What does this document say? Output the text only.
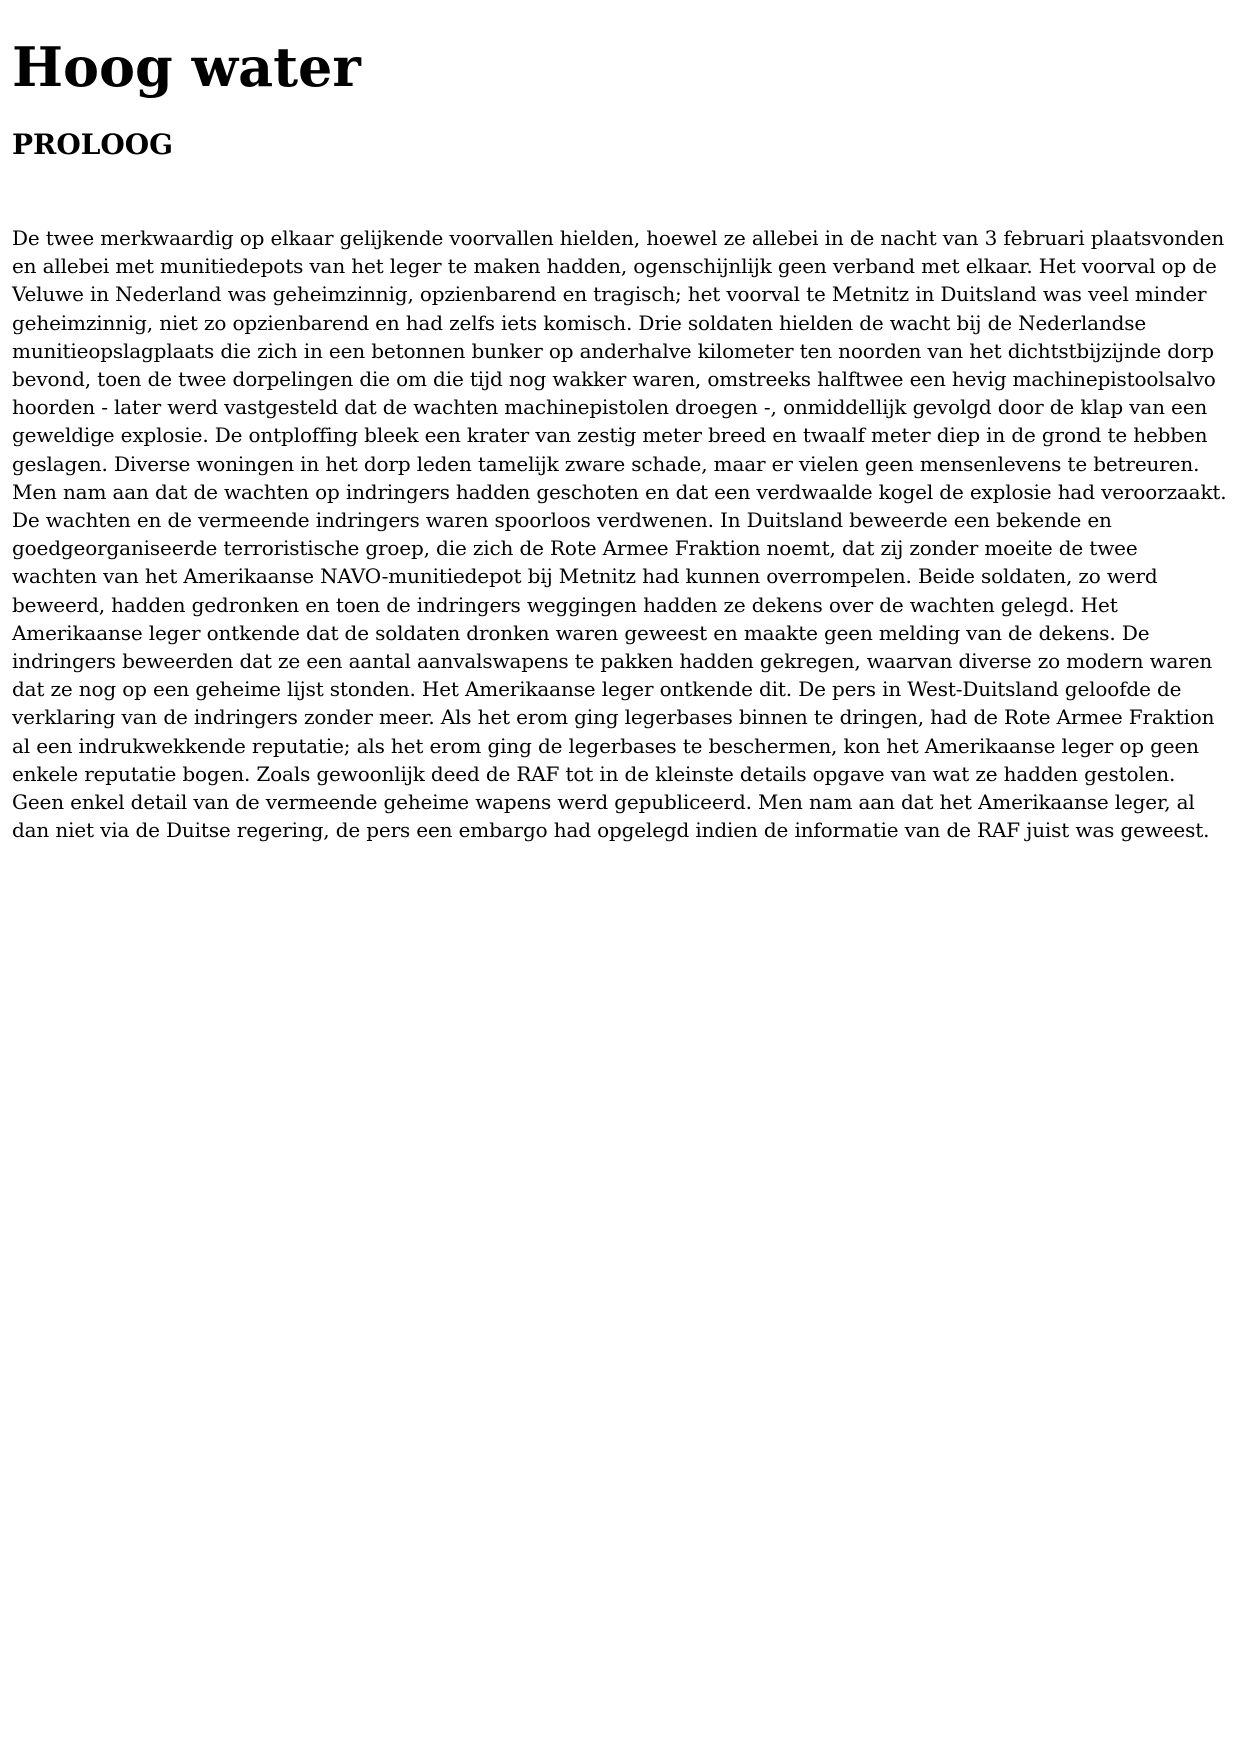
Hoog water
PROLOOG

De twee merkwaardig op elkaar gelijkende voorvallen hielden, hoewel ze allebei in de nacht van 3 februari plaatsvonden en allebei met munitiedepots van het leger te maken hadden, ogenschijnlijk geen verband met elkaar. Het voorval op de Veluwe in Nederland was geheimzinnig, opzienbarend en tragisch; het voorval te Metnitz in Duitsland was veel minder geheimzinnig, niet zo opzienbarend en had zelfs iets komisch. Drie soldaten hielden de wacht bij de Nederlandse munitieopslagplaats die zich in een betonnen bunker op anderhalve kilometer ten noorden van het dichtstbijzijnde dorp bevond, toen de twee dorpelingen die om die tijd nog wakker waren, omstreeks halftwee een hevig machinepistoolsalvo hoorden - later werd vastgesteld dat de wachten machinepistolen droegen -, onmiddellijk gevolgd door de klap van een geweldige explosie. De ontploffing bleek een krater van zestig meter breed en twaalf meter diep in de grond te hebben geslagen. Diverse woningen in het dorp leden tamelijk zware schade, maar er vielen geen mensenlevens te betreuren. Men nam aan dat de wachten op indringers hadden geschoten en dat een verdwaalde kogel de explosie had veroorzaakt. De wachten en de vermeende indringers waren spoorloos verdwenen. In Duitsland beweerde een bekende en goedgeorganiseerde terroristische groep, die zich de Rote Armee Fraktion noemt, dat zij zonder moeite de twee wachten van het Amerikaanse NAVO-munitiedepot bij Metnitz had kunnen overrompelen. Beide soldaten, zo werd beweerd, hadden gedronken en toen de indringers weggingen hadden ze dekens over de wachten gelegd. Het Amerikaanse leger ontkende dat de soldaten dronken waren geweest en maakte geen melding van de dekens. De indringers beweerden dat ze een aantal aanvalswapens te pakken hadden gekregen, waarvan diverse zo modern waren dat ze nog op een geheime lijst stonden. Het Amerikaanse leger ontkende dit. De pers in West-Duitsland geloofde de verklaring van de indringers zonder meer. Als het erom ging legerbases binnen te dringen, had de Rote Armee Fraktion al een indrukwekkende reputatie; als het erom ging de legerbases te beschermen, kon het Amerikaanse leger op geen enkele reputatie bogen. Zoals gewoonlijk deed de RAF tot in de kleinste details opgave van wat ze hadden gestolen. Geen enkel detail van de vermeende geheime wapens werd gepubliceerd. Men nam aan dat het Amerikaanse leger, al dan niet via de Duitse regering, de pers een embargo had opgelegd indien de informatie van de RAF juist was geweest.
